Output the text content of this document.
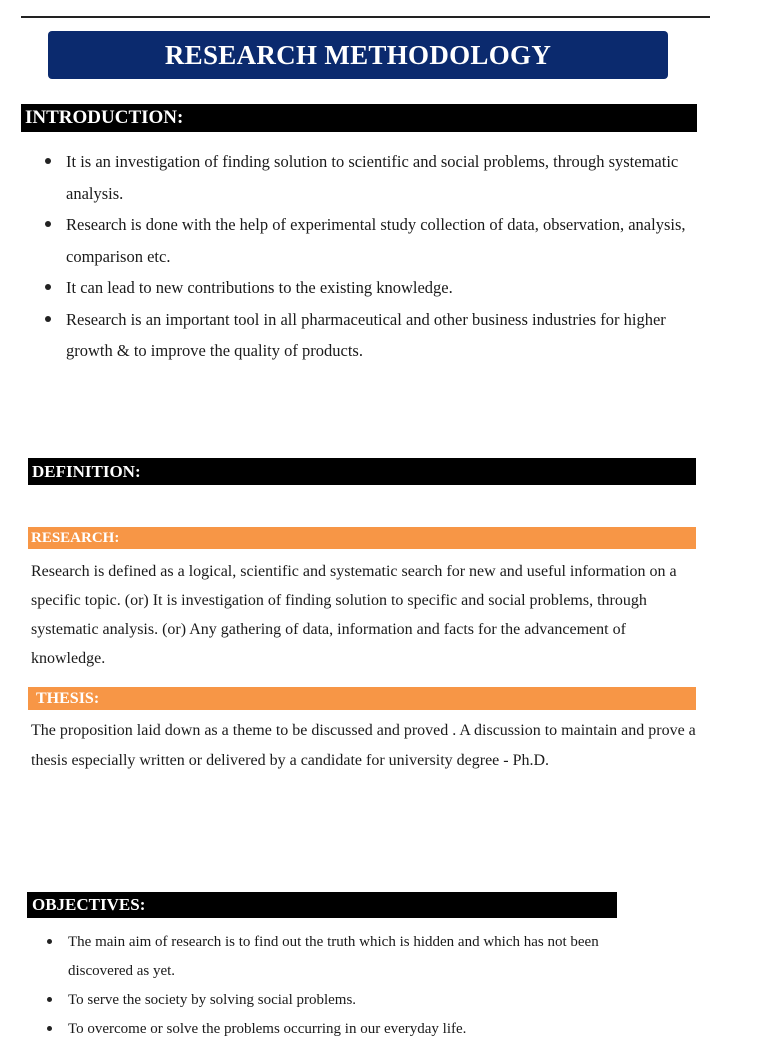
RESEARCH METHODOLOGY
INTRODUCTION:
It is an investigation of finding solution to scientific and social problems, through systematic analysis.
Research is done with the help of experimental study collection of data, observation, analysis, comparison etc.
It can lead to new contributions to the existing knowledge.
Research is an important tool in all pharmaceutical and other business industries for higher growth & to improve the quality of products.
DEFINITION:
RESEARCH:

Research is defined as a logical, scientific and systematic search for new and useful information on a specific topic. (or) It is investigation of finding solution to specific and social problems, through systematic analysis. (or) Any gathering of data, information and facts for the advancement of knowledge.

THESIS:

The proposition laid down as a theme to be discussed and proved . A discussion to maintain and prove a thesis especially written or delivered by a candidate for university degree - Ph.D.

OBJECTIVES:
The main aim of research is to find out the truth which is hidden and which has not been discovered as yet.
To serve the society by solving social problems.
To overcome or solve the problems occurring in our everyday life.
